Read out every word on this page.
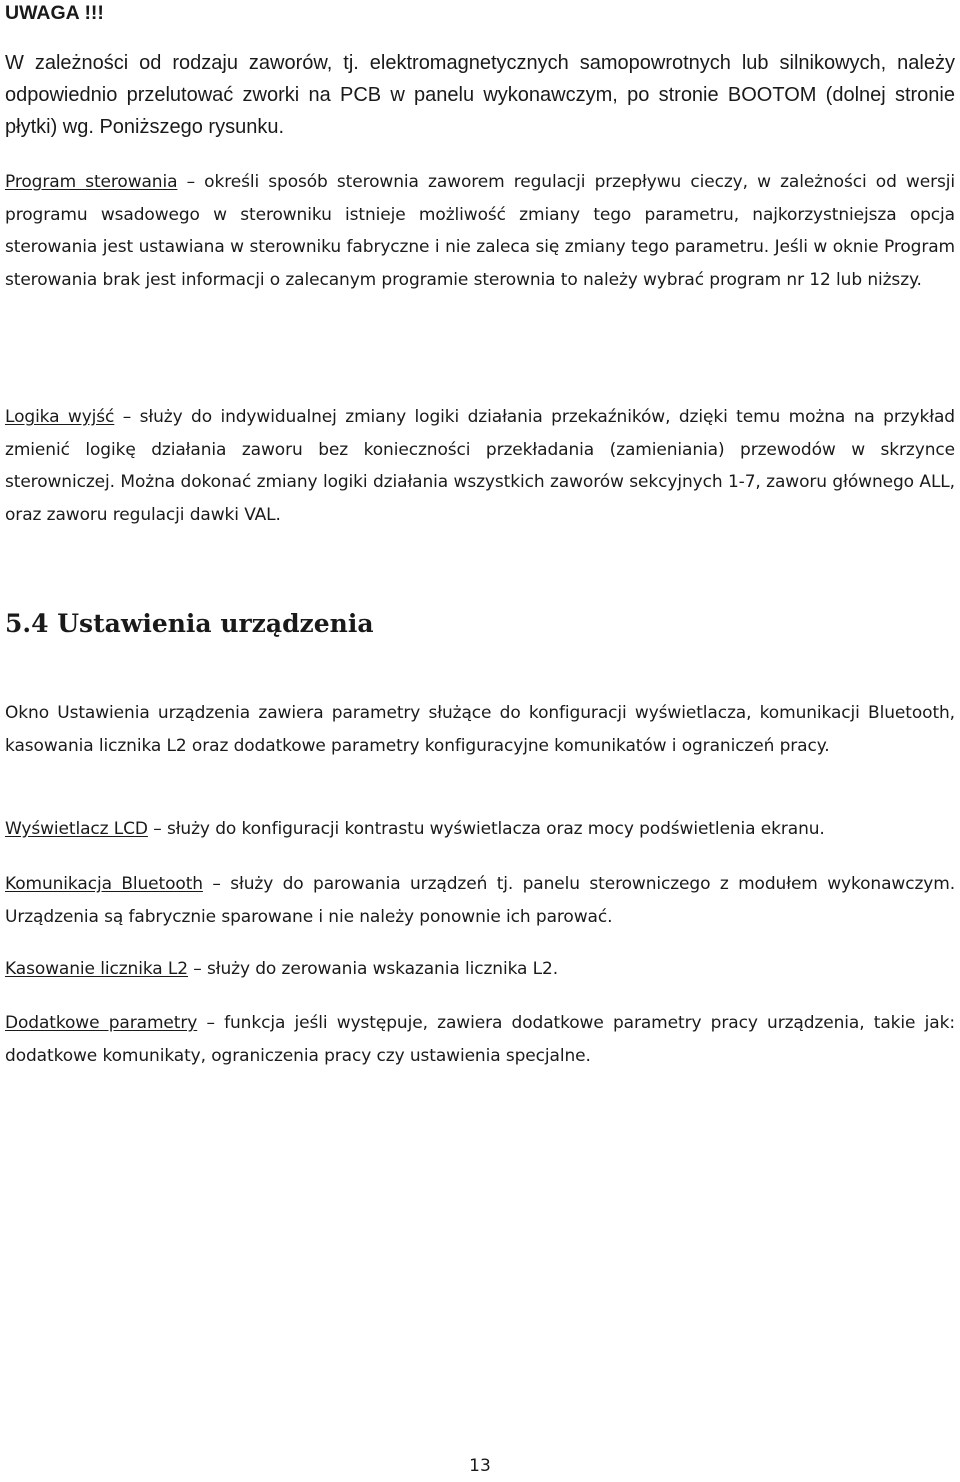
UWAGA !!!

W zależności od rodzaju zaworów, tj. elektromagnetycznych samopowrotnych lub silnikowych, należy odpowiednio przelutować zworki na PCB w panelu wykonawczym, po stronie BOOTOM (dolnej stronie płytki) wg. Poniższego rysunku.

Program sterowania – określi sposób sterownia zaworem regulacji przepływu cieczy, w zależności od wersji programu wsadowego w sterowniku istnieje możliwość zmiany tego parametru, najkorzystniejsza opcja sterowania jest ustawiana w sterowniku fabryczne i nie zaleca się zmiany tego parametru. Jeśli w oknie Program sterowania brak jest informacji o zalecanym programie sterownia to należy wybrać program nr 12 lub niższy.

Logika wyjść – służy do indywidualnej zmiany logiki działania przekaźników, dzięki temu można na przykład zmienić logikę działania zaworu bez konieczności przekładania (zamieniania) przewodów w skrzynce sterowniczej. Można dokonać zmiany logiki działania wszystkich zaworów sekcyjnych 1-7, zaworu głównego ALL, oraz zaworu regulacji dawki VAL.

5.4 Ustawienia urządzenia

Okno Ustawienia urządzenia zawiera parametry służące do konfiguracji wyświetlacza, komunikacji Bluetooth, kasowania licznika L2 oraz dodatkowe parametry konfiguracyjne komunikatów i ograniczeń pracy.

Wyświetlacz LCD – służy do konfiguracji kontrastu wyświetlacza oraz mocy podświetlenia ekranu.

Komunikacja Bluetooth – służy do parowania urządzeń tj. panelu sterowniczego z modułem wykonawczym. Urządzenia są fabrycznie sparowane i nie należy ponownie ich parować.

Kasowanie licznika L2 – służy do zerowania wskazania licznika L2.

Dodatkowe parametry – funkcja jeśli występuje, zawiera dodatkowe parametry pracy urządzenia, takie jak: dodatkowe komunikaty, ograniczenia pracy czy ustawienia specjalne.

13
